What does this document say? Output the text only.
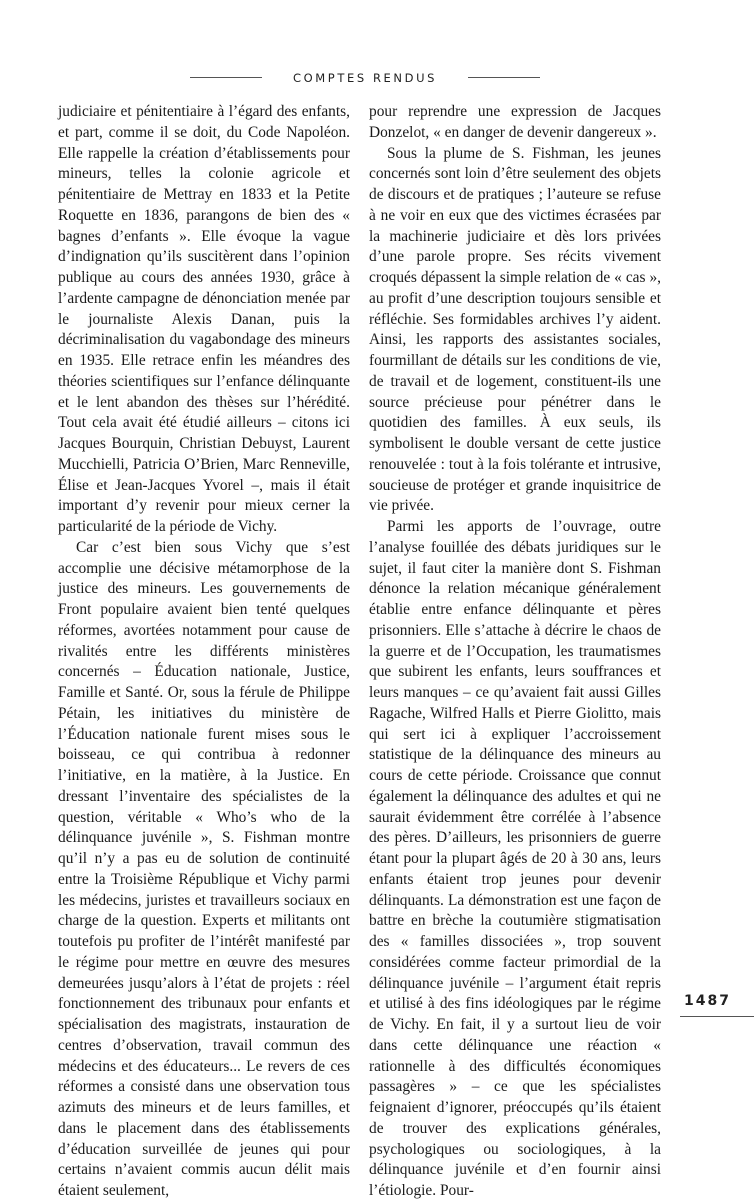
COMPTES RENDUS

judiciaire et pénitentiaire à l’égard des enfants, et part, comme il se doit, du Code Napoléon. Elle rappelle la création d’établissements pour mineurs, telles la colonie agricole et pénitentiaire de Mettray en 1833 et la Petite Roquette en 1836, parangons de bien des « bagnes d’enfants ». Elle évoque la vague d’indignation qu’ils suscitèrent dans l’opinion publique au cours des années 1930, grâce à l’ardente campagne de dénonciation menée par le journaliste Alexis Danan, puis la décriminalisation du vagabondage des mineurs en 1935. Elle retrace enfin les méandres des théories scientifiques sur l’enfance délinquante et le lent abandon des thèses sur l’hérédité. Tout cela avait été étudié ailleurs – citons ici Jacques Bourquin, Christian Debuyst, Laurent Mucchielli, Patricia O’Brien, Marc Renneville, Élise et Jean-Jacques Yvorel –, mais il était important d’y revenir pour mieux cerner la particularité de la période de Vichy.

Car c’est bien sous Vichy que s’est accomplie une décisive métamorphose de la justice des mineurs. Les gouvernements de Front populaire avaient bien tenté quelques réformes, avortées notamment pour cause de rivalités entre les différents ministères concernés – Éducation nationale, Justice, Famille et Santé. Or, sous la férule de Philippe Pétain, les initiatives du ministère de l’Éducation nationale furent mises sous le boisseau, ce qui contribua à redonner l’initiative, en la matière, à la Justice. En dressant l’inventaire des spécialistes de la question, véritable « Who’s who de la délinquance juvénile », S. Fishman montre qu’il n’y a pas eu de solution de continuité entre la Troisième République et Vichy parmi les médecins, juristes et travailleurs sociaux en charge de la question. Experts et militants ont toutefois pu profiter de l’intérêt manifesté par le régime pour mettre en œuvre des mesures demeurées jusqu’alors à l’état de projets : réel fonctionnement des tribunaux pour enfants et spécialisation des magistrats, instauration de centres d’observation, travail commun des médecins et des éducateurs... Le revers de ces réformes a consisté dans une observation tous azimuts des mineurs et de leurs familles, et dans le placement dans des établissements d’éducation surveillée de jeunes qui pour certains n’avaient commis aucun délit mais étaient seulement,

pour reprendre une expression de Jacques Donzelot, « en danger de devenir dangereux ».

Sous la plume de S. Fishman, les jeunes concernés sont loin d’être seulement des objets de discours et de pratiques ; l’auteure se refuse à ne voir en eux que des victimes écrasées par la machinerie judiciaire et dès lors privées d’une parole propre. Ses récits vivement croqués dépassent la simple relation de « cas », au profit d’une description toujours sensible et réfléchie. Ses formidables archives l’y aident. Ainsi, les rapports des assistantes sociales, fourmillant de détails sur les conditions de vie, de travail et de logement, constituent-ils une source précieuse pour pénétrer dans le quotidien des familles. À eux seuls, ils symbolisent le double versant de cette justice renouvelée : tout à la fois tolérante et intrusive, soucieuse de protéger et grande inquisitrice de vie privée.

Parmi les apports de l’ouvrage, outre l’analyse fouillée des débats juridiques sur le sujet, il faut citer la manière dont S. Fishman dénonce la relation mécanique généralement établie entre enfance délinquante et pères prisonniers. Elle s’attache à décrire le chaos de la guerre et de l’Occupation, les traumatismes que subirent les enfants, leurs souffrances et leurs manques – ce qu’avaient fait aussi Gilles Ragache, Wilfred Halls et Pierre Giolitto, mais qui sert ici à expliquer l’accroissement statistique de la délinquance des mineurs au cours de cette période. Croissance que connut également la délinquance des adultes et qui ne saurait évidemment être corrélée à l’absence des pères. D’ailleurs, les prisonniers de guerre étant pour la plupart âgés de 20 à 30 ans, leurs enfants étaient trop jeunes pour devenir délinquants. La démonstration est une façon de battre en brèche la coutumière stigmatisation des « familles dissociées », trop souvent considérées comme facteur primordial de la délinquance juvénile – l’argument était repris et utilisé à des fins idéologiques par le régime de Vichy. En fait, il y a surtout lieu de voir dans cette délinquance une réaction « rationnelle à des difficultés économiques passagères » – ce que les spécialistes feignaient d’ignorer, préoccupés qu’ils étaient de trouver des explications générales, psychologiques ou sociologiques, à la délinquance juvénile et d’en fournir ainsi l’étiologie. Pour-

1487
